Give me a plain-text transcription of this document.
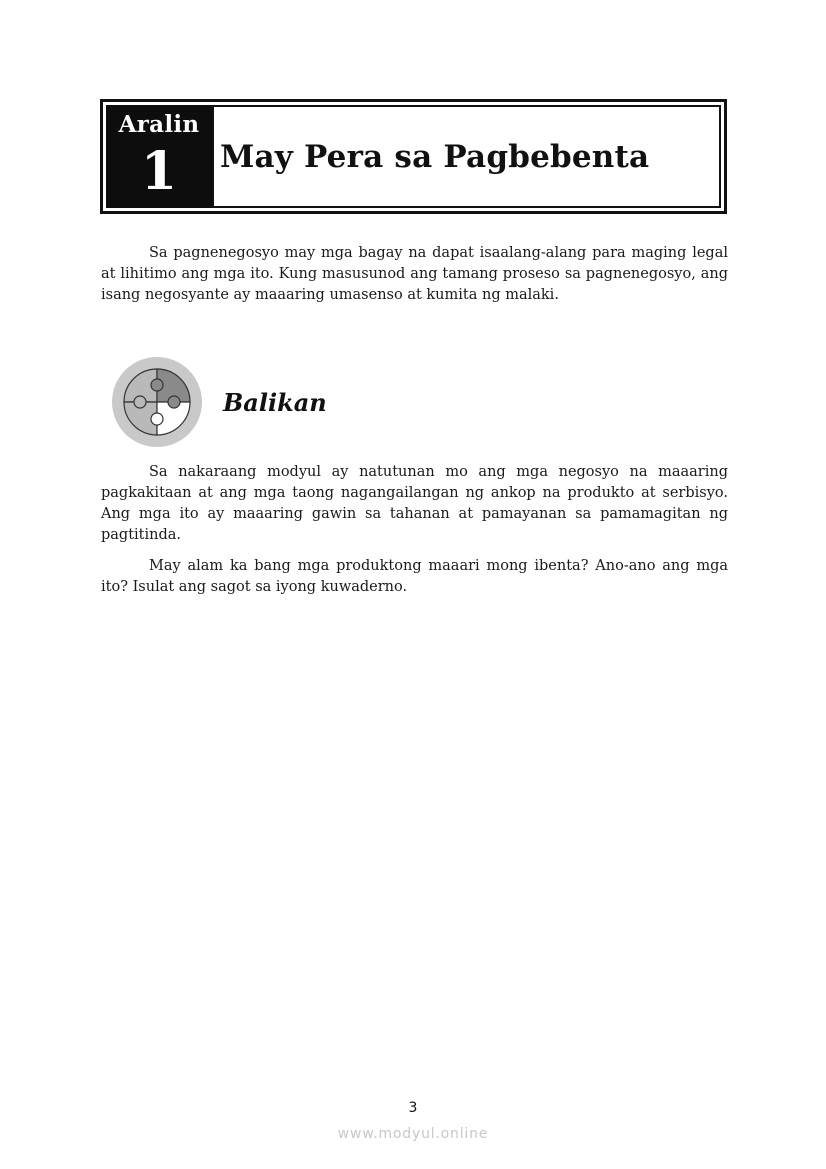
Aralin
1	May Pera sa Pagbebenta

Sa pagnenegosyo may mga bagay na dapat isaalang-alang para maging legal at lihitimo ang mga ito. Kung masusunod ang tamang proseso sa pagnenegosyo, ang isang negosyante ay maaaring umasenso at kumita ng malaki.

Balikan

Sa nakaraang modyul ay natutunan mo ang mga negosyo na maaaring pagkakitaan at ang mga taong nagangailangan ng ankop na produkto at serbisyo. Ang mga ito ay maaaring gawin sa tahanan at pamayanan sa pamamagitan ng pagtitinda.

May alam ka bang mga produktong maaari mong ibenta? Ano-ano ang mga ito? Isulat ang sagot sa iyong kuwaderno.

3
www.modyul.online
